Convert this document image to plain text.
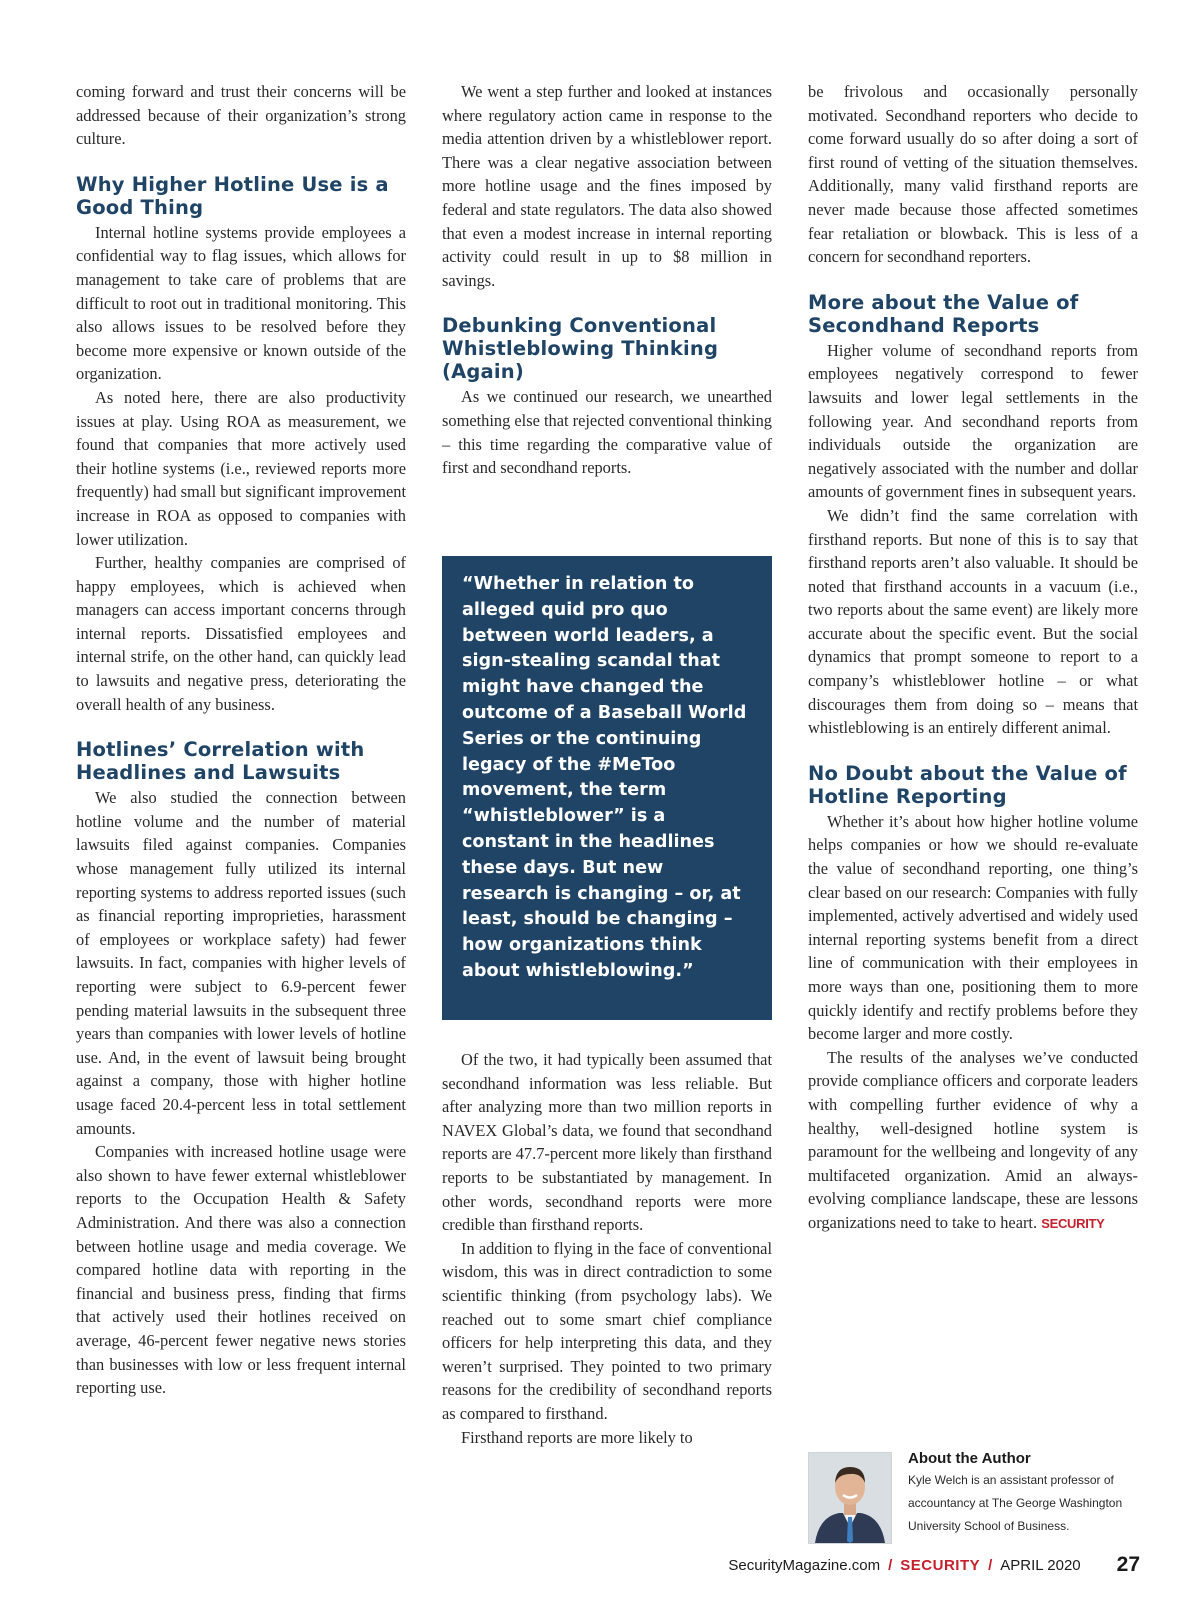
coming forward and trust their concerns will be addressed because of their organization’s strong culture.

Why Higher Hotline Use is a Good Thing

Internal hotline systems provide employees a confidential way to flag issues, which allows for management to take care of problems that are difficult to root out in traditional monitoring. This also allows issues to be resolved before they become more expensive or known outside of the organization.

As noted here, there are also productivity issues at play. Using ROA as measurement, we found that companies that more actively used their hotline systems (i.e., reviewed reports more frequently) had small but significant improvement increase in ROA as opposed to companies with lower utilization.

Further, healthy companies are comprised of happy employees, which is achieved when managers can access important concerns through internal reports. Dissatisfied employees and internal strife, on the other hand, can quickly lead to lawsuits and negative press, deteriorating the overall health of any business.

Hotlines’ Correlation with Headlines and Lawsuits

We also studied the connection between hotline volume and the number of material lawsuits filed against companies. Companies whose management fully utilized its internal reporting systems to address reported issues (such as financial reporting improprieties, harassment of employees or workplace safety) had fewer lawsuits. In fact, companies with higher levels of reporting were subject to 6.9-percent fewer pending material lawsuits in the subsequent three years than companies with lower levels of hotline use. And, in the event of lawsuit being brought against a company, those with higher hotline usage faced 20.4-percent less in total settlement amounts.

Companies with increased hotline usage were also shown to have fewer external whistleblower reports to the Occupation Health & Safety Administration. And there was also a connection between hotline usage and media coverage. We compared hotline data with reporting in the financial and business press, finding that firms that actively used their hotlines received on average, 46-percent fewer negative news stories than businesses with low or less frequent internal reporting use.

We went a step further and looked at instances where regulatory action came in response to the media attention driven by a whistleblower report. There was a clear negative association between more hotline usage and the fines imposed by federal and state regulators. The data also showed that even a modest increase in internal reporting activity could result in up to $8 million in savings.

Debunking Conventional Whistleblowing Thinking (Again)

As we continued our research, we unearthed something else that rejected conventional thinking – this time regarding the comparative value of first and secondhand reports.

“Whether in relation to alleged quid pro quo between world leaders, a sign-stealing scandal that might have changed the outcome of a Baseball World Series or the continuing legacy of the #MeToo movement, the term “whistleblower” is a constant in the headlines these days. But new research is changing – or, at least, should be changing – how organizations think about whistleblowing.”

Of the two, it had typically been assumed that secondhand information was less reliable. But after analyzing more than two million reports in NAVEX Global’s data, we found that secondhand reports are 47.7-percent more likely than firsthand reports to be substantiated by management. In other words, secondhand reports were more credible than firsthand reports.

In addition to flying in the face of conventional wisdom, this was in direct contradiction to some scientific thinking (from psychology labs). We reached out to some smart chief compliance officers for help interpreting this data, and they weren’t surprised. They pointed to two primary reasons for the credibility of secondhand reports as compared to firsthand.

Firsthand reports are more likely to

be frivolous and occasionally personally motivated. Secondhand reporters who decide to come forward usually do so after doing a sort of first round of vetting of the situation themselves. Additionally, many valid firsthand reports are never made because those affected sometimes fear retaliation or blowback. This is less of a concern for secondhand reporters.

More about the Value of Secondhand Reports

Higher volume of secondhand reports from employees negatively correspond to fewer lawsuits and lower legal settlements in the following year. And secondhand reports from individuals outside the organization are negatively associated with the number and dollar amounts of government fines in subsequent years.

We didn’t find the same correlation with firsthand reports. But none of this is to say that firsthand reports aren’t also valuable. It should be noted that firsthand accounts in a vacuum (i.e., two reports about the same event) are likely more accurate about the specific event. But the social dynamics that prompt someone to report to a company’s whistleblower hotline – or what discourages them from doing so – means that whistleblowing is an entirely different animal.

No Doubt about the Value of Hotline Reporting

Whether it’s about how higher hotline volume helps companies or how we should re-evaluate the value of secondhand reporting, one thing’s clear based on our research: Companies with fully implemented, actively advertised and widely used internal reporting systems benefit from a direct line of communication with their employees in more ways than one, positioning them to more quickly identify and rectify problems before they become larger and more costly.

The results of the analyses we’ve conducted provide compliance officers and corporate leaders with compelling further evidence of why a healthy, well-designed hotline system is paramount for the wellbeing and longevity of any multifaceted organization. Amid an always-evolving compliance landscape, these are lessons organizations need to take to heart. SECURITY

About the Author
Kyle Welch is an assistant professor of accountancy at The George Washington University School of Business.
SecurityMagazine.com / SECURITY / APRIL 2020 27
